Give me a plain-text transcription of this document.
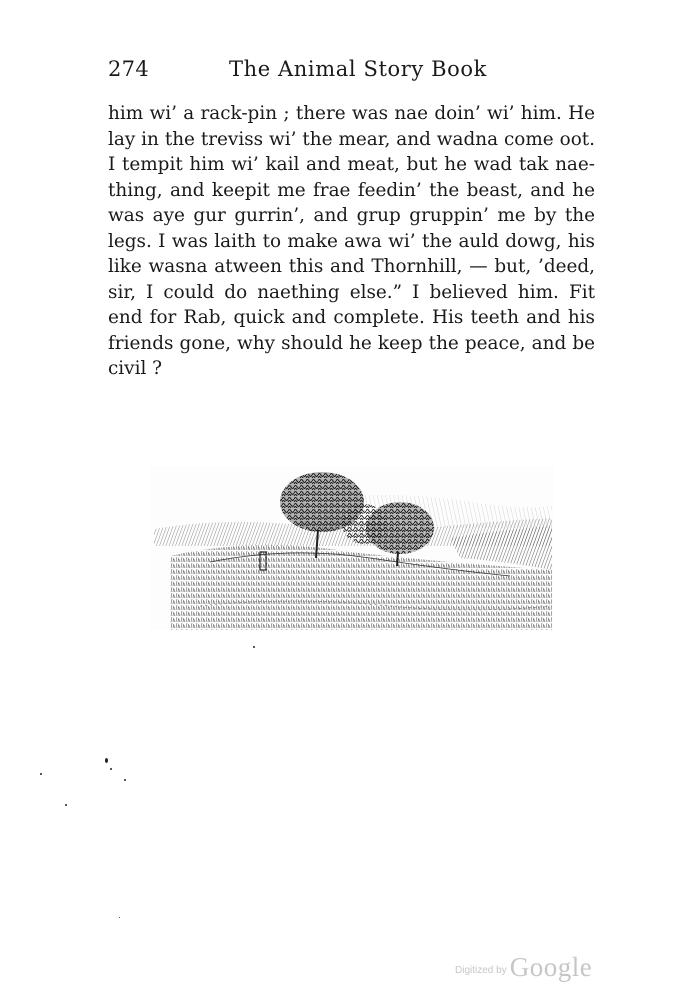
274	The Animal Story Book
him wi’ a rack-pin ; there was nae doin’ wi’ him. He
lay in the treviss wi’ the mear, and wadna come oot.
I tempit him wi’ kail and meat, but he wad tak nae-
thing, and keepit me frae feedin’ the beast, and he
was aye gur gurrin’, and grup gruppin’ me by the
legs. I was laith to make awa wi’ the auld dowg, his
like wasna atween this and Thornhill, — but, ’deed,
sir, I could do naething else.” I believed him. Fit
end for Rab, quick and complete. His teeth and his
friends gone, why should he keep the peace, and be
civil ?
Digitized by Google
